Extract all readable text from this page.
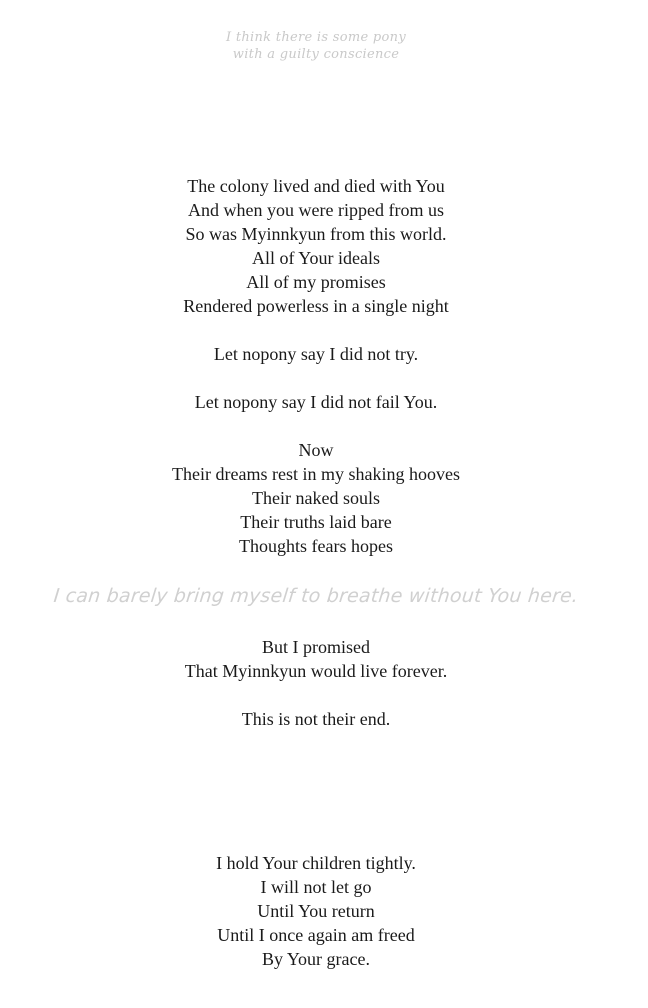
I think there is some pony
with a guilty conscience
The colony lived and died with You
And when you were ripped from us
So was Myinnkyun from this world.
All of Your ideals
All of my promises
Rendered powerless in a single night
Let nopony say I did not try.
Let nopony say I did not fail You.
Now
Their dreams rest in my shaking hooves
Their naked souls
Their truths laid bare
Thoughts fears hopes
I can barely bring myself to breathe without You here.
But I promised
That Myinnkyun would live forever.
This is not their end.
I hold Your children tightly.
I will not let go
Until You return
Until I once again am freed
By Your grace.
